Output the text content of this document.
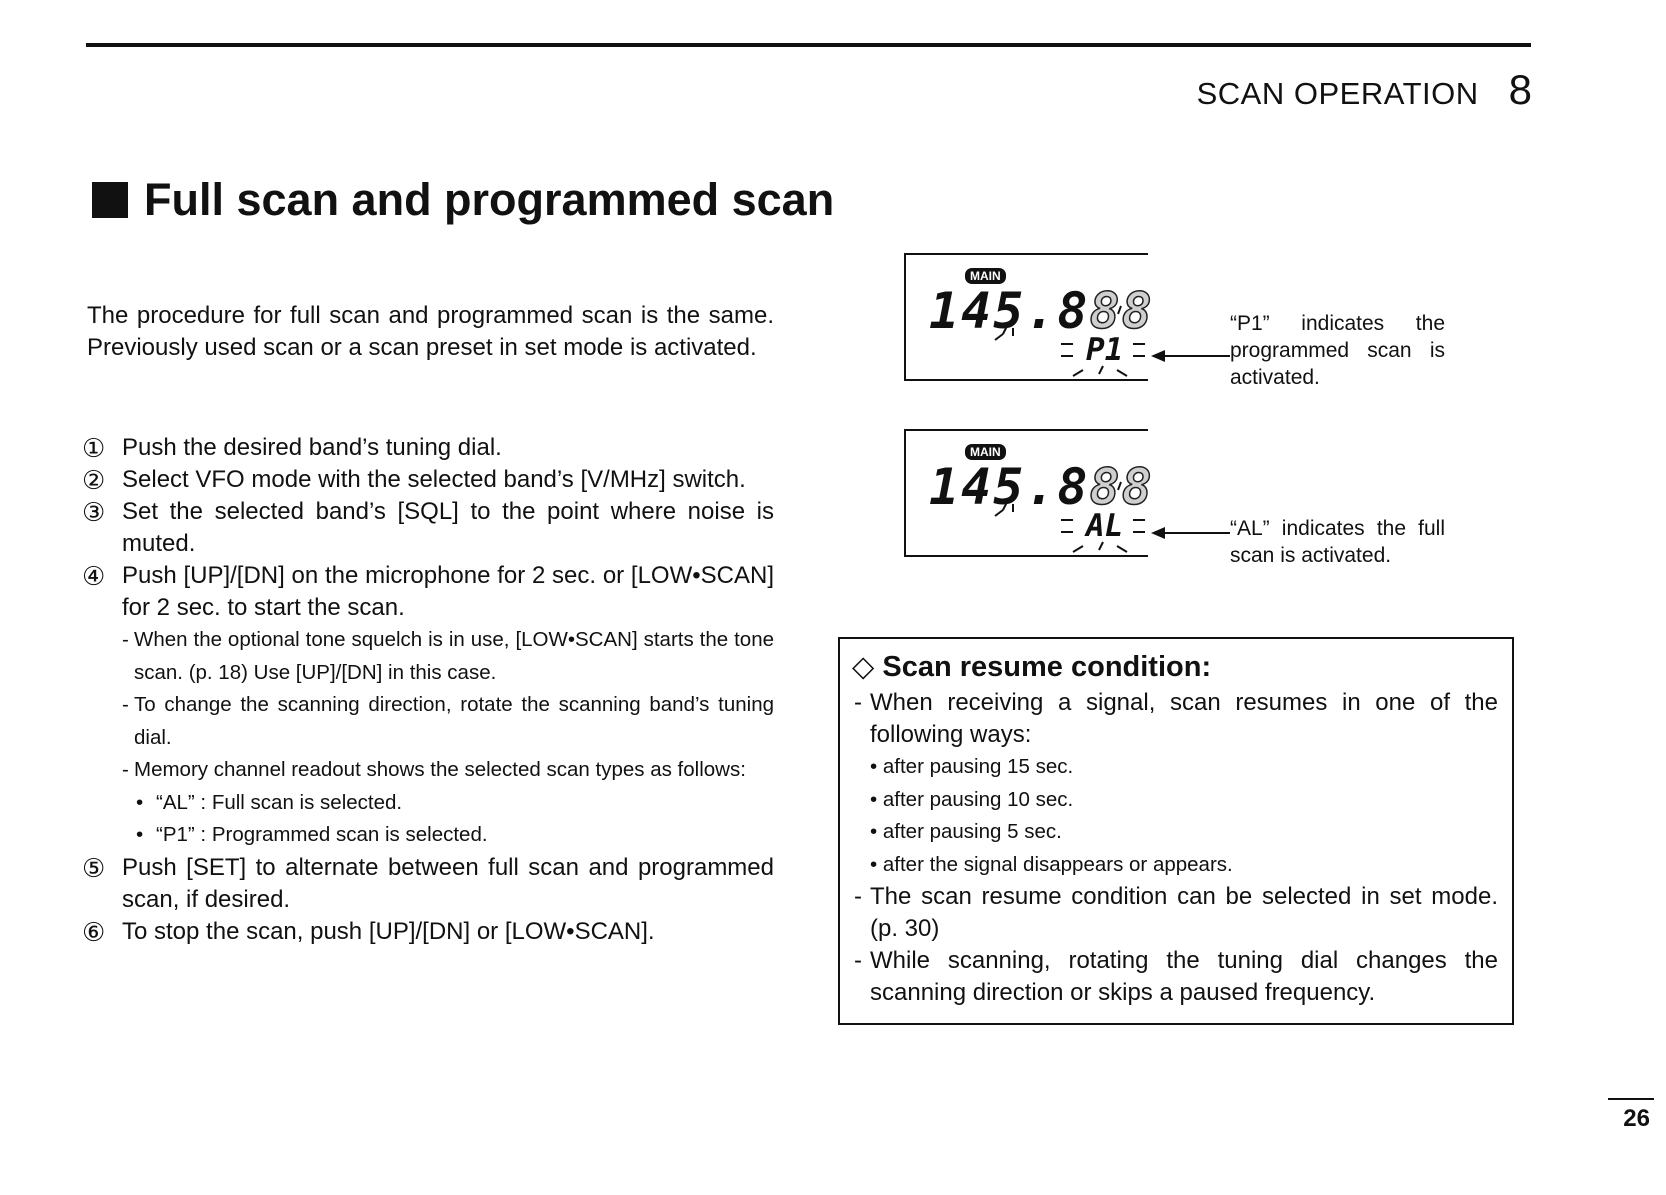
SCAN OPERATION 8
Full scan and programmed scan
The procedure for full scan and programmed scan is the same. Previously used scan or a scan preset in set mode is activated.
① Push the desired band’s tuning dial.
② Select VFO mode with the selected band’s [V/MHz] switch.
③ Set the selected band’s [SQL] to the point where noise is muted.
④ Push [UP]/[DN] on the microphone for 2 sec. or [LOW•SCAN] for 2 sec. to start the scan.
- When the optional tone squelch is in use, [LOW•SCAN] starts the tone scan. (p. 18) Use [UP]/[DN] in this case.
- To change the scanning direction, rotate the scanning band’s tuning dial.
- Memory channel readout shows the selected scan types as follows:
• “AL” : Full scan is selected.
• “P1” : Programmed scan is selected.
⑤ Push [SET] to alternate between full scan and programmed scan, if desired.
⑥ To stop the scan, push [UP]/[DN] or [LOW•SCAN].
MAIN
145.888
P1
“P1” indicates the programmed scan is activated.
MAIN
145.888
AL	“AL” indicates the full scan is activated.
◇ Scan resume condition:
- When receiving a signal, scan resumes in one of the following ways:
• after pausing 15 sec.
• after pausing 10 sec.
• after pausing 5 sec.
• after the signal disappears or appears.
- The scan resume condition can be selected in set mode. (p. 30)
- While scanning, rotating the tuning dial changes the scanning direction or skips a paused frequency.
26
